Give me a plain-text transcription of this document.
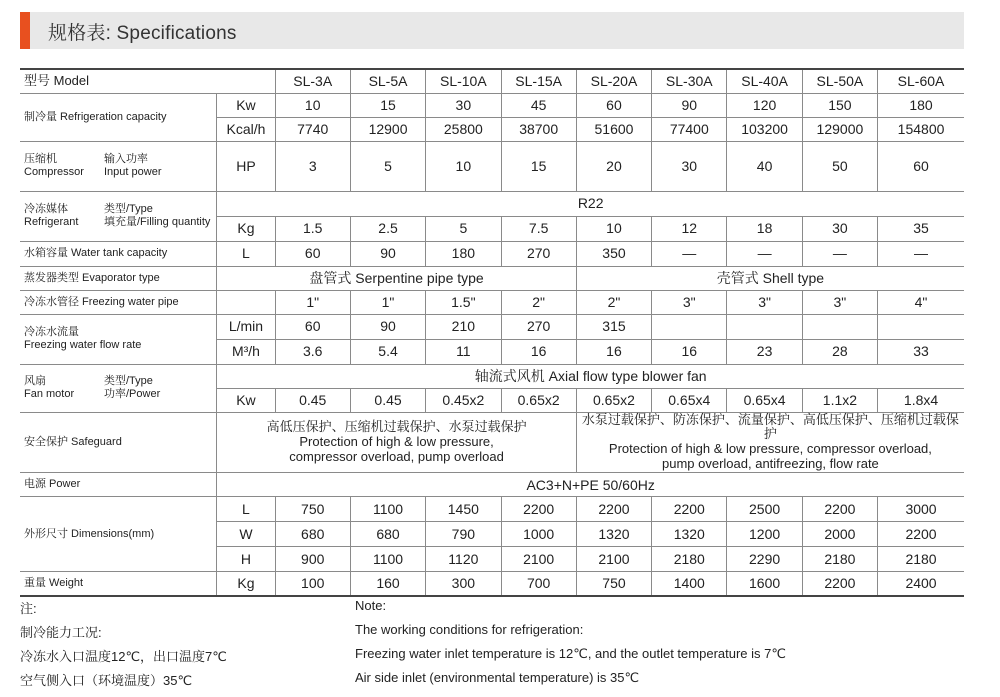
规格表: Specifications
型号 Model		SL-3A	SL-5A	SL-10A	SL-15A	SL-20A	SL-30A	SL-40A	SL-50A	SL-60A
制冷量 Refrigeration capacity	Kw	10	15	30	45	60	90	120	150	180
	Kcal/h	7740	12900	25800	38700	51600	77400	103200	129000	154800

压缩机 输入功率
Compressor Input power	HP	3	5	10	15	20	30	40	50	60

冷冻媒体 类型/Type
Refrigerant 填充量/Filling quantity	R22									
	Kg	1.5	2.5	5	7.5	10	12	18	30	35
水箱容量 Water tank capacity	L	60	90	180	270	350	—	—	—	—
蒸发器类型 Evaporator type	盘管式 Serpentine pipe type					壳管式 Shell type				
冷冻水管径 Freezing water pipe		1"	1"	1.5"	2"	2"	3"	3"	3"	4"

冷冻水流量
Freezing water flow rate	L/min	60	90	210	270	315				
	M³/h	3.6	5.4	11	16	16	16	23	28	33

风扇 类型/Type
Fan motor 功率/Power	轴流式风机 Axial flow type blower fan									
	Kw	0.45	0.45	0.45x2	0.65x2	0.65x2	0.65x4	0.65x4	1.1x2	1.8x4
安全保护 Safeguard	高低压保护、压缩机过载保护、水泵过载保护
Protection of high & low pressure,
compressor overload, pump overload					水泵过载保护、防冻保护、流量保护、高低压保护、压缩机过载保护
Protection of high & low pressure, compressor overload,
pump overload, antifreezing, flow rate				

电源 Power	AC3+N+PE 50/60Hz									
外形尺寸 Dimensions(mm)	L	750	1100	1450	2200	2200	2200	2500	2200	3000
	W	680	680	790	1000	1320	1320	1200	2000	2200
	H	900	1100	1120	2100	2100	2180	2290	2180	2180
重量 Weight	Kg	100	160	300	700	750	1400	1600	2200	2400
注:
制冷能力工况:
冷冻水入口温度12℃，出口温度7℃
空气侧入口（环境温度）35℃
Note:
The working conditions for refrigeration:
Freezing water inlet temperature is 12℃, and the outlet temperature is 7℃
Air side inlet (environmental temperature) is 35℃
